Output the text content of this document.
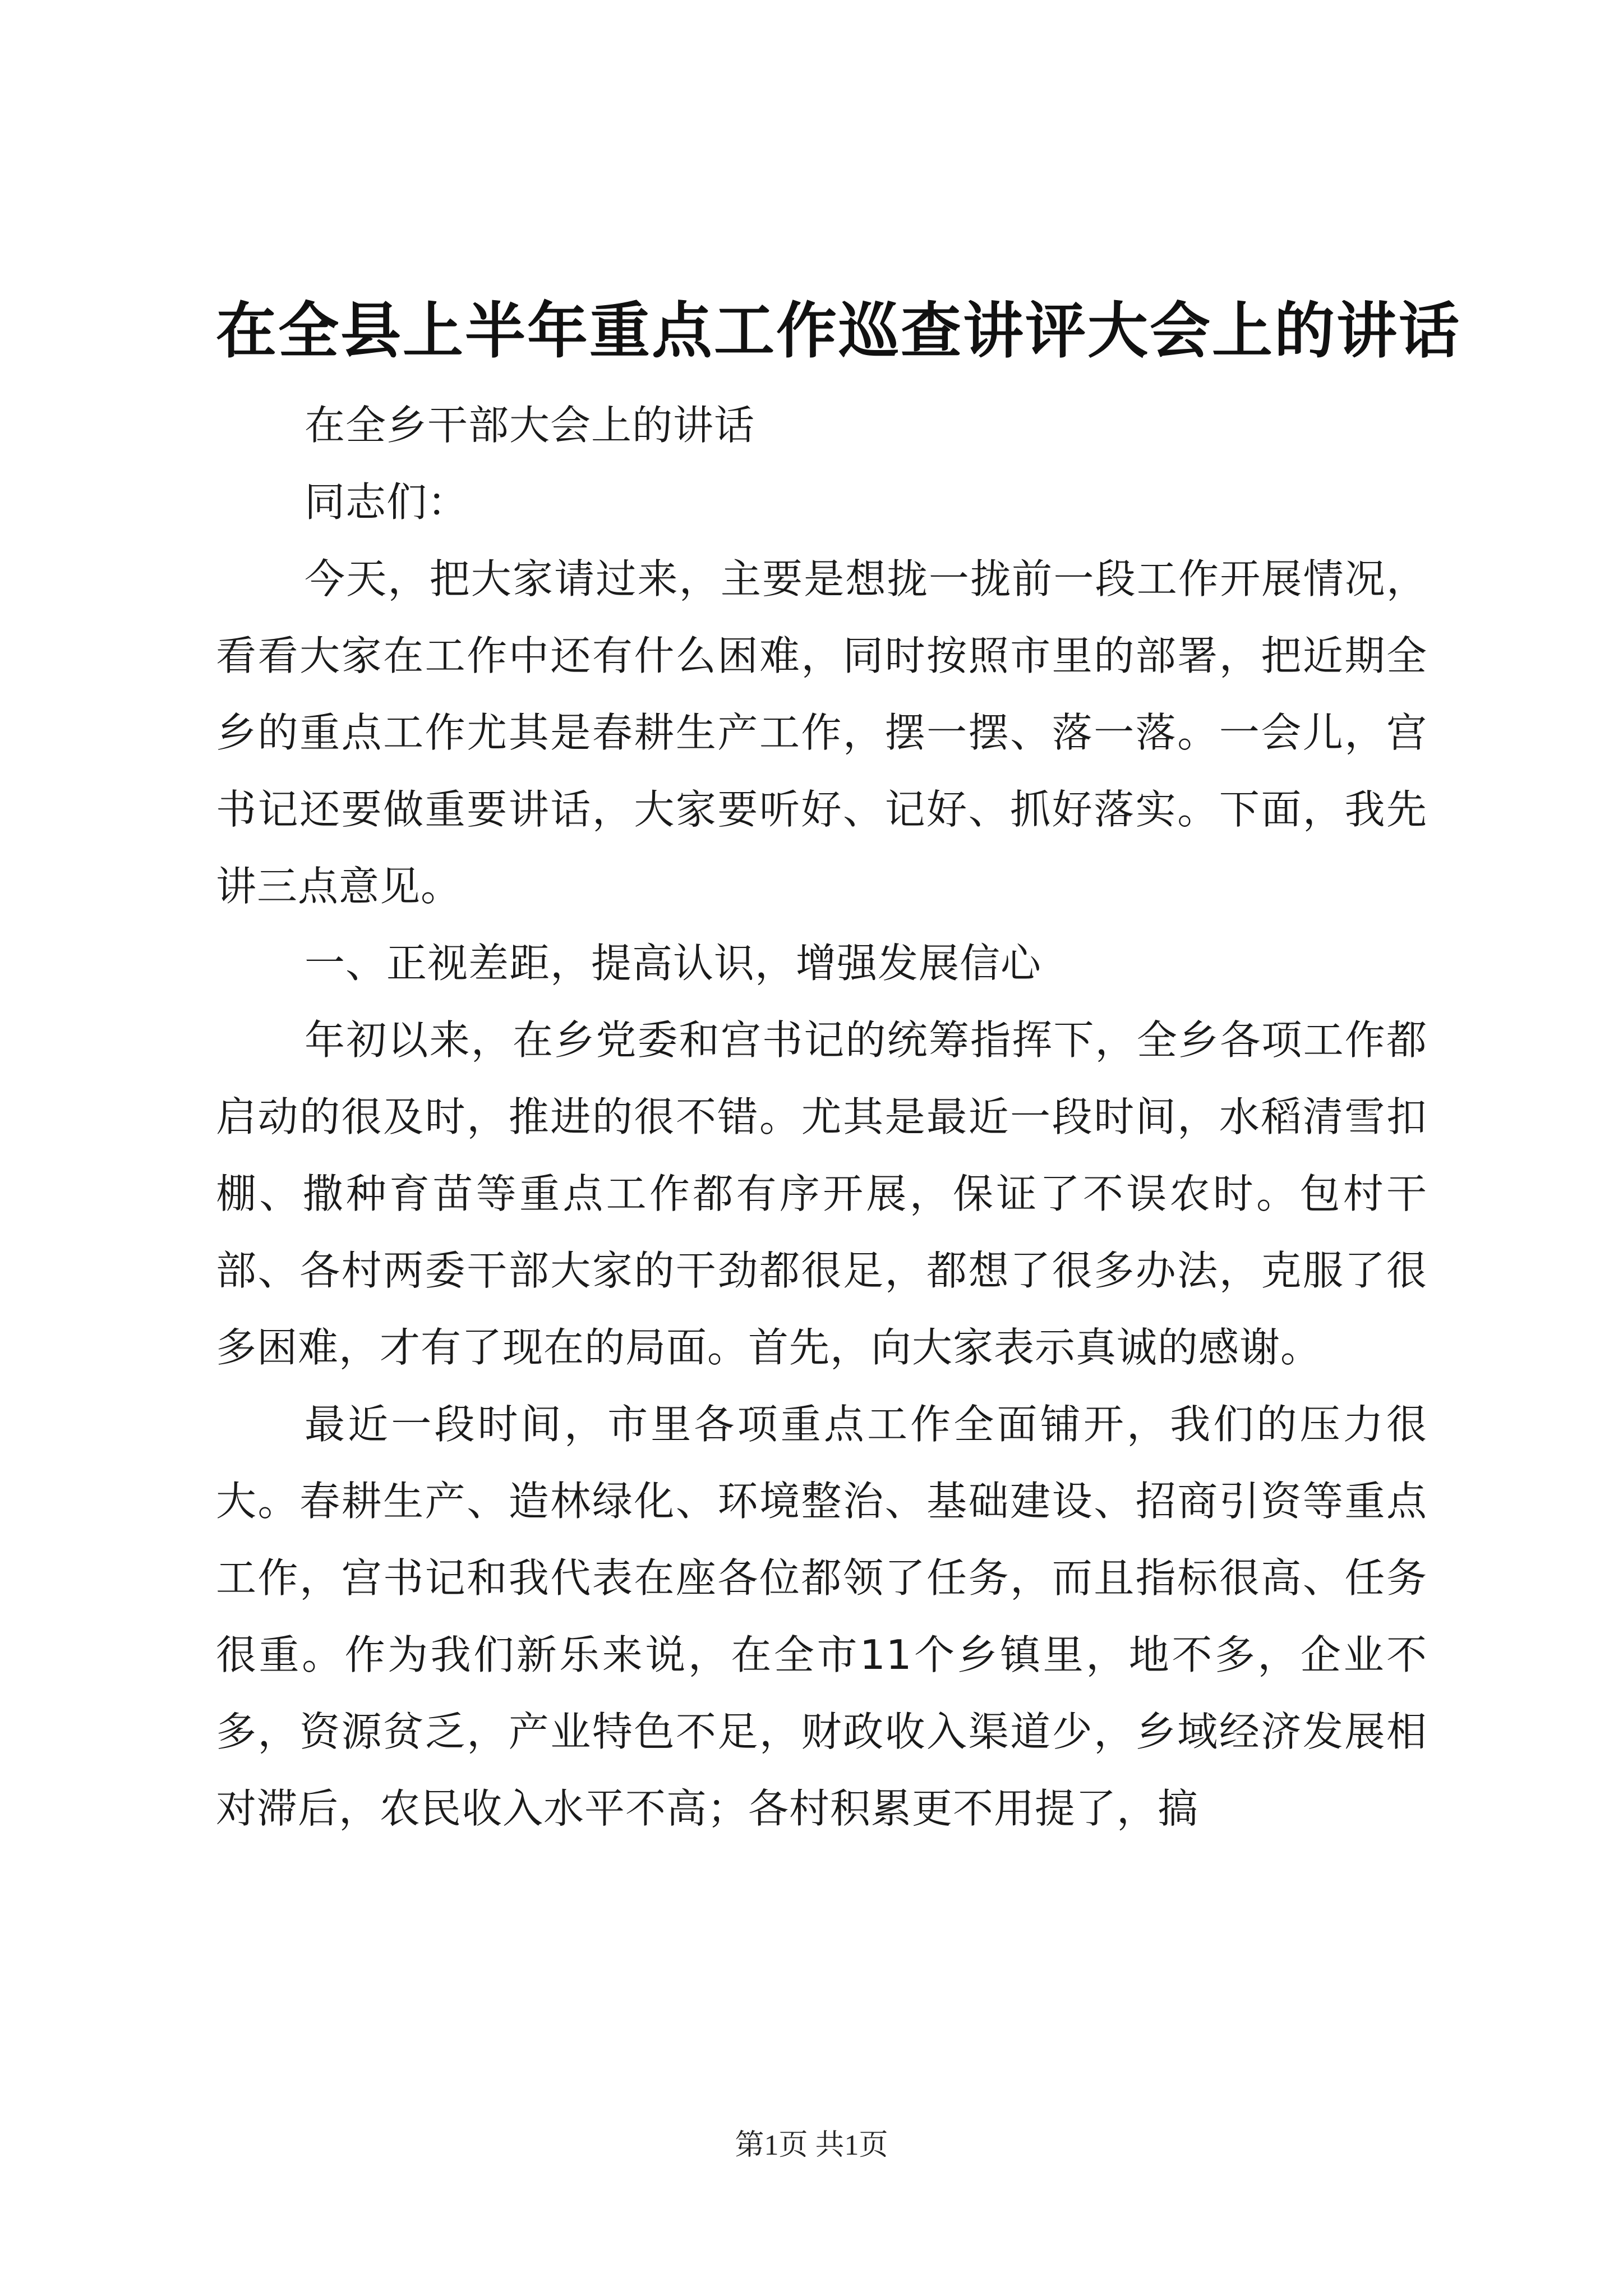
在全县上半年重点工作巡查讲评大会上的讲话

在全乡干部大会上的讲话

同志们：

今天，把大家请过来，主要是想拢一拢前一段工作开展情况，看看大家在工作中还有什么困难，同时按照市里的部署，把近期全乡的重点工作尤其是春耕生产工作，摆一摆、落一落。一会儿，宫书记还要做重要讲话，大家要听好、记好、抓好落实。下面，我先讲三点意见。

一、正视差距，提高认识，增强发展信心

年初以来，在乡党委和宫书记的统筹指挥下，全乡各项工作都启动的很及时，推进的很不错。尤其是最近一段时间，水稻清雪扣棚、撒种育苗等重点工作都有序开展，保证了不误农时。包村干部、各村两委干部大家的干劲都很足，都想了很多办法，克服了很多困难，才有了现在的局面。首先，向大家表示真诚的感谢。

最近一段时间，市里各项重点工作全面铺开，我们的压力很大。春耕生产、造林绿化、环境整治、基础建设、招商引资等重点工作，宫书记和我代表在座各位都领了任务，而且指标很高、任务很重。作为我们新乐来说，在全市11个乡镇里，地不多，企业不多，资源贫乏，产业特色不足，财政收入渠道少，乡域经济发展相对滞后，农民收入水平不高；各村积累更不用提了，搞

第1页 共1页
